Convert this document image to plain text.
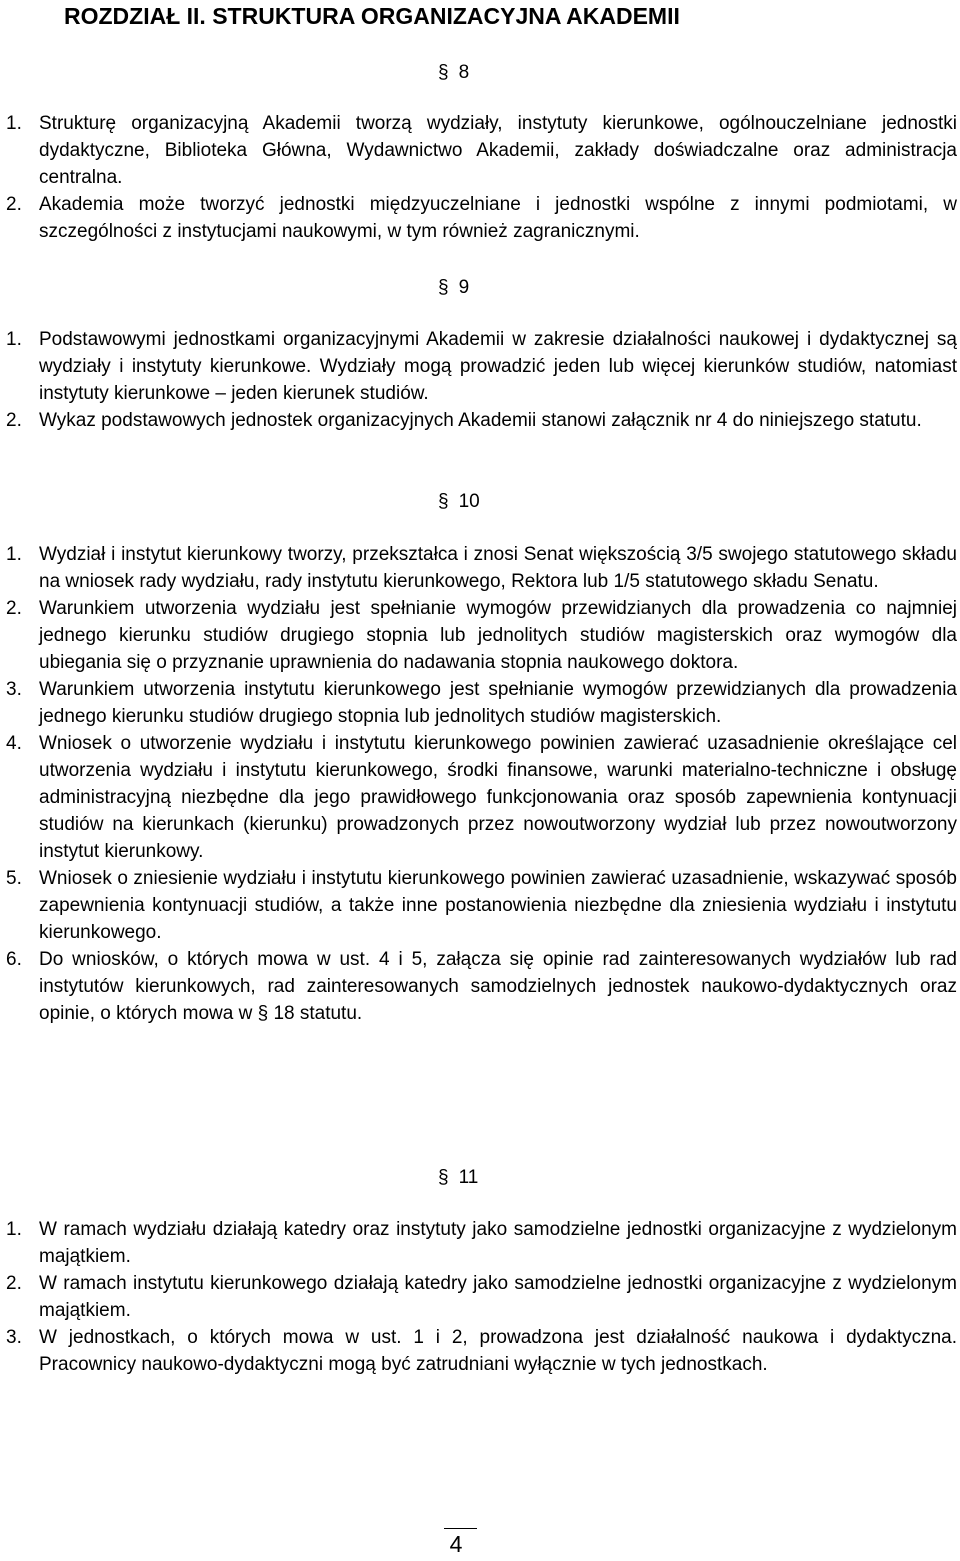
ROZDZIAŁ II. STRUKTURA ORGANIZACYJNA AKADEMII
§ 8
1. Strukturę organizacyjną Akademii tworzą wydziały, instytuty kierunkowe, ogólnouczelniane jednostki dydaktyczne, Biblioteka Główna, Wydawnictwo Akademii, zakłady doświadczalne oraz administracja centralna.
2. Akademia może tworzyć jednostki międzyuczelniane i jednostki wspólne z innymi podmiotami, w szczególności z instytucjami naukowymi, w tym również zagranicznymi.
§ 9
1. Podstawowymi jednostkami organizacyjnymi Akademii w zakresie działalności naukowej i dydaktycznej są wydziały i instytuty kierunkowe. Wydziały mogą prowadzić jeden lub więcej kierunków studiów, natomiast instytuty kierunkowe – jeden kierunek studiów.
2. Wykaz podstawowych jednostek organizacyjnych Akademii stanowi załącznik nr 4 do niniejszego statutu.
§ 10
1. Wydział i instytut kierunkowy tworzy, przekształca i znosi Senat większością 3/5 swojego statutowego składu na wniosek rady wydziału, rady instytutu kierunkowego, Rektora lub 1/5 statutowego składu Senatu.
2. Warunkiem utworzenia wydziału jest spełnianie wymogów przewidzianych dla prowadzenia co najmniej jednego kierunku studiów drugiego stopnia lub jednolitych studiów magisterskich oraz wymogów dla ubiegania się o przyznanie uprawnienia do nadawania stopnia naukowego doktora.
3. Warunkiem utworzenia instytutu kierunkowego jest spełnianie wymogów przewidzianych dla prowadzenia jednego kierunku studiów drugiego stopnia lub jednolitych studiów magisterskich.
4. Wniosek o utworzenie wydziału i instytutu kierunkowego powinien zawierać uzasadnienie określające cel utworzenia wydziału i instytutu kierunkowego, środki finansowe, warunki materialno-techniczne i obsługę administracyjną niezbędne dla jego prawidłowego funkcjonowania oraz sposób zapewnienia kontynuacji studiów na kierunkach (kierunku) prowadzonych przez nowoutworzony wydział lub przez nowoutworzony instytut kierunkowy.
5. Wniosek o zniesienie wydziału i instytutu kierunkowego powinien zawierać uzasadnienie, wskazywać sposób zapewnienia kontynuacji studiów, a także inne postanowienia niezbędne dla zniesienia wydziału i instytutu kierunkowego.
6. Do wniosków, o których mowa w ust. 4 i 5, załącza się opinie rad zainteresowanych wydziałów lub rad instytutów kierunkowych, rad zainteresowanych samodzielnych jednostek naukowo-dydaktycznych oraz opinie, o których mowa w § 18 statutu.
§ 11
1. W ramach wydziału działają katedry oraz instytuty jako samodzielne jednostki organizacyjne z wydzielonym majątkiem.
2. W ramach instytutu kierunkowego działają katedry jako samodzielne jednostki organizacyjne z wydzielonym majątkiem.
3. W jednostkach, o których mowa w ust. 1 i 2, prowadzona jest działalność naukowa i dydaktyczna. Pracownicy naukowo-dydaktyczni mogą być zatrudniani wyłącznie w tych jednostkach.
4
